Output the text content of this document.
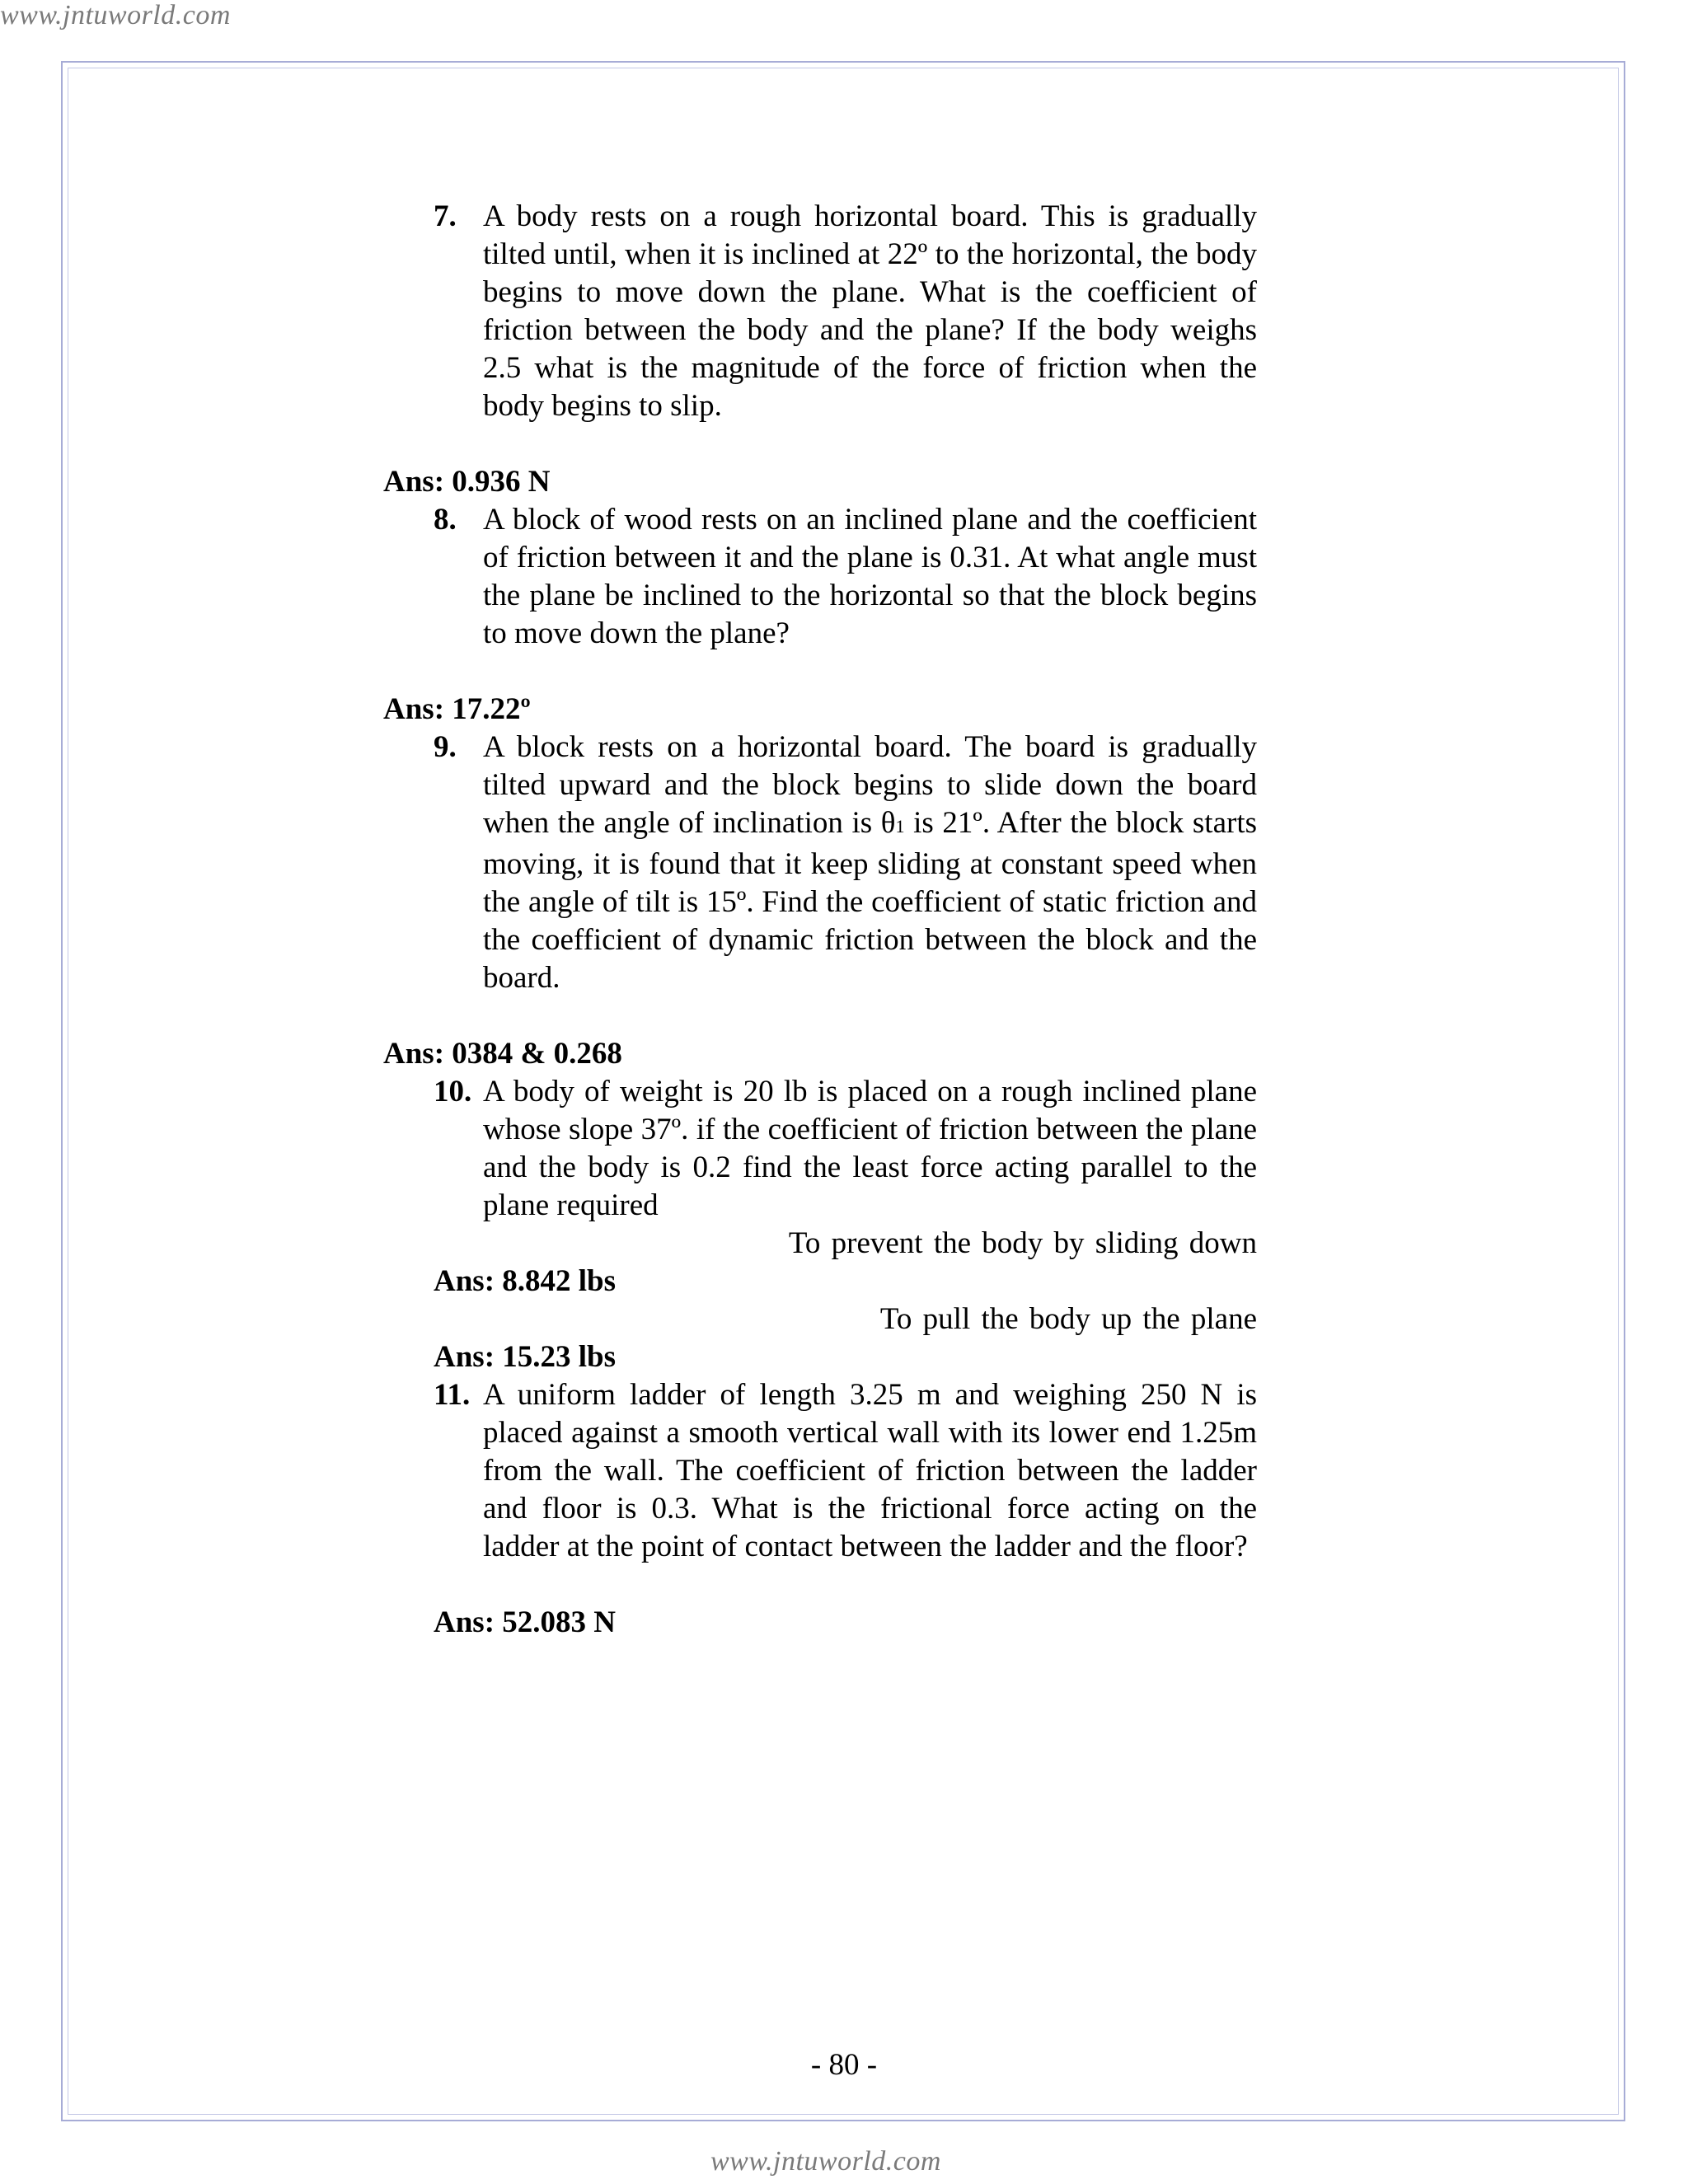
www.jntuworld.com
7. A body rests on a rough horizontal board. This is gradually tilted until, when it is inclined at 22º to the horizontal, the body begins to move down the plane. What is the coefficient of friction between the body and the plane? If the body weighs 2.5 what is the magnitude of the force of friction when the body begins to slip.
Ans: 0.936 N
8. A block of wood rests on an inclined plane and the coefficient of friction between it and the plane is 0.31. At what angle must the plane be inclined to the horizontal so that the block begins to move down the plane?
Ans: 17.22º
9. A block rests on a horizontal board. The board is gradually tilted upward and the block begins to slide down the board when the angle of inclination is θ1 is 21º. After the block starts moving, it is found that it keep sliding at constant speed when the angle of tilt is 15º. Find the coefficient of static friction and the coefficient of dynamic friction between the block and the board.
Ans: 0384 & 0.268
10. A body of weight is 20 lb is placed on a rough inclined plane whose slope 37º. if the coefficient of friction between the plane and the body is 0.2 find the least force acting parallel to the plane required
To prevent the body by sliding down
Ans: 8.842 lbs
To pull the body up the plane
Ans: 15.23 lbs
11. A uniform ladder of length 3.25 m and weighing 250 N is placed against a smooth vertical wall with its lower end 1.25m from the wall. The coefficient of friction between the ladder and floor is 0.3. What is the frictional force acting on the ladder at the point of contact between the ladder and the floor?
Ans: 52.083 N
- 80 -
www.jntuworld.com
